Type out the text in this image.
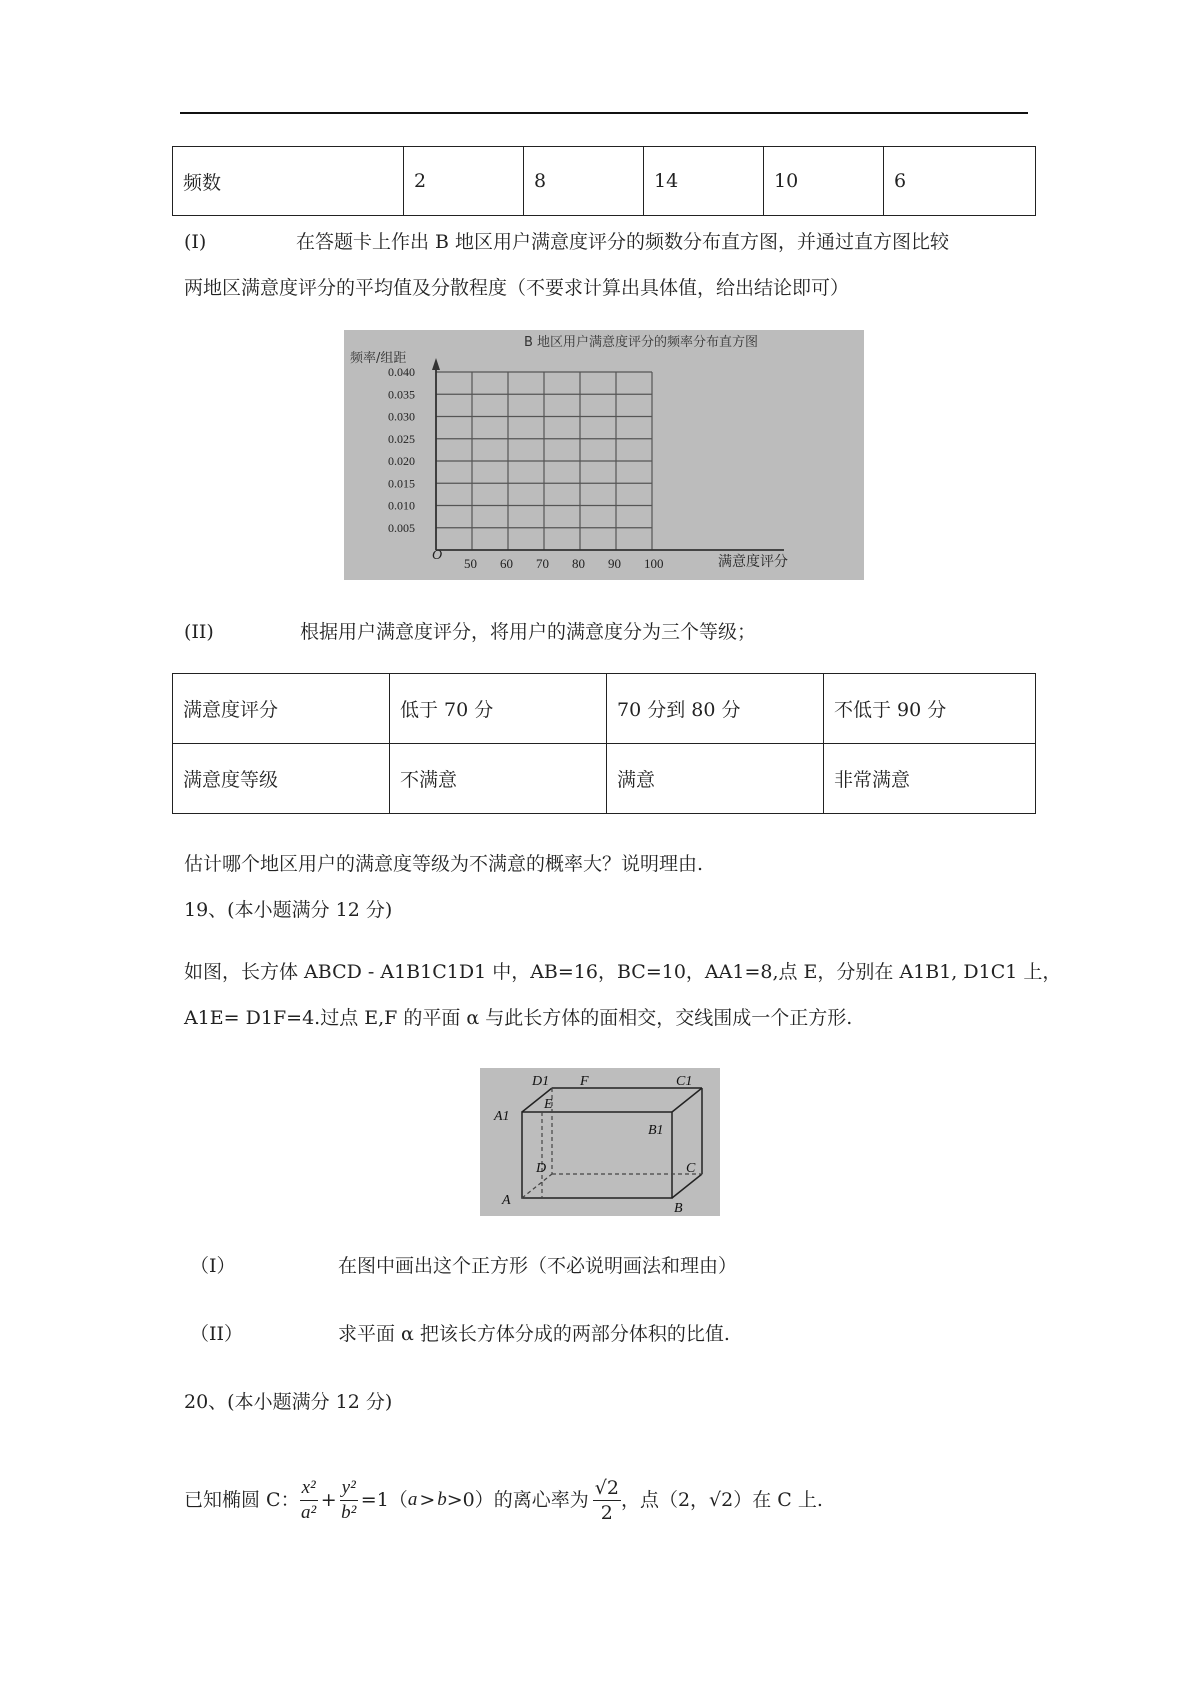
频数	2	8	14	10	6
(I)	在答题卡上作出 B 地区用户满意度评分的频数分布直方图，并通过直方图比较
两地区满意度评分的平均值及分散程度（不要求计算出具体值，给出结论即可）
B 地区用户满意度评分的频率分布直方图
频率/组距
0.040
0.035
0.030
0.025
0.020
0.015
0.010
0.005
50 60 70 80 90 100
O	满意度评分
(II)	根据用户满意度评分，将用户的满意度分为三个等级；
满意度评分	低于 70 分	70 分到 80 分	不低于 90 分
满意度等级	不满意	满意	非常满意
估计哪个地区用户的满意度等级为不满意的概率大？说明理由.
19、(本小题满分 12 分)
如图，长方体 ABCD - A1B1C1D1 中，AB=16，BC=10，AA1=8,点 E，分别在 A1B1, D1C1 上，
A1E= D1F=4.过点 E,F 的平面 α 与此长方体的面相交，交线围成一个正方形.
D1 F	C1
A1
E
B1
D	C
A
B
（I）	在图中画出这个正方形（不必说明画法和理由）
（II）	求平面 α 把该长方体分成的两部分体积的比值.
20、(本小题满分 12 分)
已知椭圆 C： $\frac{\text{x²}}{\text{a²}} + \frac{\text{y²}}{\text{b²}} =1$ （ a > b >0）的离心率为 $\frac{√2}{2}$ ，点（2， √2 ）在 C 上.
